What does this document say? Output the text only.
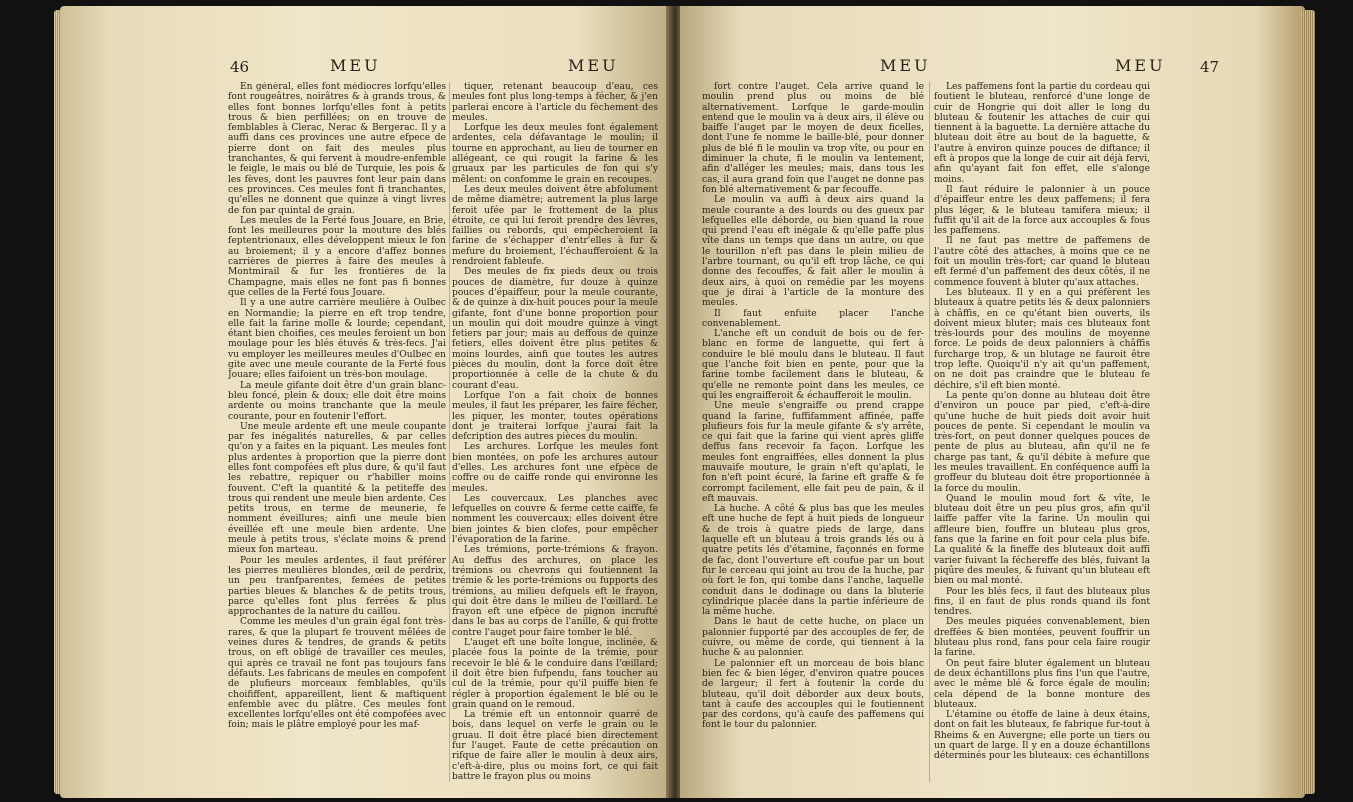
46	MEU	MEU

En général, elles font médiocres lorfqu'elles font rougeâtres, noirâtres & à grands trous, & elles font bonnes lorfqu'elles font à petits trous & bien perfillées; on en trouve de femblables à Clerac, Nerac & Bergerac. Il y a auffi dans ces provinces une autre efpece de pierre dont on fait des meules plus tranchantes, & qui fervent à moudre-enfemble le feigle, le mais ou blé de Turquie, les pois & les fèves, dont les pauvres font leur pain dans ces provinces. Ces meules font fi tranchantes, qu'elles ne donnent que quinze à vingt livres de fon par quintal de grain.

Les meules de la Ferté fous Jouare, en Brie, font les meilleures pour la mouture des blés feptentrionaux, elles développent mieux le fon au broiement; il y a encore d'affez bonnes carrières de pierres à faire des meules à Montmirail & fur les frontières de la Champagne, mais elles ne font pas fi bonnes que celles de la Ferté fous Jouare.

Il y a une autre carrière meulière à Oulbec en Normandie; la pierre en eft trop tendre, elle fait la farine molle & lourde; cependant, étant bien choifies, ces meules feroient un bon moulage pour les blés étuvés & très-fecs. J'ai vu employer les meilleures meules d'Oulbec en gite avec une meule courante de la Ferté fous Jouare; elles faifoient un très-bon moulage.

La meule gifante doit être d'un grain blanc-bleu foncé, plein & doux; elle doit être moins ardente ou moins tranchante que la meule courante, pour en foutenir l'effort.

Une meule ardente eft une meule coupante par fes inégalités naturelles, & par celles qu'on y a faites en la piquant. Les meules font plus ardentes à proportion que la pierre dont elles font compofées eft plus dure, & qu'il faut les rebattre, repiquer ou r'habiller moins fouvent. C'eft la quantité & la petiteffe des trous qui rendent une meule bien ardente. Ces petits trous, en terme de meunerie, fe nomment éveillures; ainfi une meule bien éveillée eft une meule bien ardente. Une meule à petits trous, s'éclate moins & prend mieux fon marteau.

Pour les meules ardentes, il faut préférer les pierres meulières blondes, œil de perdrix, un peu tranfparentes, femées de petites parties bleues & blanches & de petits trous, parce qu'elles font plus ferrées & plus approchantes de la nature du caillou.

Comme les meules d'un grain égal font très-rares, & que la plupart fe trouvent mêlées de veines dures & tendres, de grands & petits trous, on eft obligé de travailler ces meules, qui après ce travail ne font pas toujours fans défauts. Les fabricans de meules en compofent de plufieurs morceaux femblables, qu'ils choififfent, appareillent, lient & maftiquent enfemble avec du plâtre. Ces meules font excellentes lorfqu'elles ont été compofées avec foin; mais le plâtre employé pour les maf-

tiquer, retenant beaucoup d'eau, ces meules font plus long-temps à fécher, & j'en parlerai encore à l'article du fèchement des meules.

Lorfque les deux meules font également ardentes, cela défavantage le moulin; il tourne en approchant, au lieu de tourner en allégeant, ce qui rougit la farine & les gruaux par les particules de fon qui s'y mêlent: on confomme le grain en recoupes.

Les deux meules doivent être abfolument de même diamètre; autrement la plus large feroit ufée par le frottement de la plus étroite, ce qui lui feroit prendre des lèvres, faillies ou rebords, qui empêcheroient la farine de s'échapper d'entr'elles à fur & mefure du broiement, l'échaufferoient & la rendroient fableufe.

Des meules de fix pieds deux ou trois pouces de diamètre, fur douze à quinze pouces d'épaiffeur, pour la meule courante, & de quinze à dix-huit pouces pour la meule gifante, font d'une bonne proportion pour un moulin qui doit moudre quinze à vingt fetiers par jour; mais au deffous de quinze fetiers, elles doivent être plus petites & moins lourdes, ainfi que toutes les autres pièces du moulin, dont la force doit être proportionnée à celle de la chute & du courant d'eau.

Lorfque l'on a fait choix de bonnes meules, il faut les préparer, les faire fécher, les piquer, les monter, toutes opérations dont je traiterai lorfque j'aurai fait la defcription des autres pièces du moulin.

Les archures. Lorfque les meules font bien montées, on pofe les archures autour d'elles. Les archures font une efpèce de coffre ou de caiffe ronde qui environne les meules.

Les couvercaux. Les planches avec lefquelles on couvre & ferme cette caiffe, fe nomment les couvercaux; elles doivent être bien jointes & bien clofes, pour empêcher l'évaporation de la farine.

Les trémions, porte-trémions & frayon. Au deffus des archures, on place les trémions ou chevrons qui foutiennent la trémie & les porte-trémions ou fupports des trémions, au milieu defquels eft le frayon, qui doit être dans le milieu de l'œillard. Le frayon eft une efpèce de pignon incrufté dans le bas au corps de l'anille, & qui frotte contre l'auget pour faire tomber le blé.

L'auget eft une boîte longue, inclinée, & placée fous la pointe de la trémie, pour recevoir le blé & le conduire dans l'œillard; il doit être bien fufpendu, fans toucher au cul de la trémie, pour qu'il puiffe bien fe régler à proportion également le blé ou le grain quand on le remoud.

La trémie eft un entonnoir quarré de bois, dans lequel on verfe le grain ou le gruau. Il doit être placé bien directement fur l'auget. Faute de cette précaution on rifque de faire aller le moulin à deux airs, c'eft-à-dire, plus ou moins fort, ce qui fait battre le frayon plus ou moins

MEU	MEU 47

fort contre l'auget. Cela arrive quand le moulin prend plus ou moins de blé alternativement. Lorfque le garde-moulin entend que le moulin va à deux airs, il élève ou baiffe l'auget par le moyen de deux ficelles, dont l'une fe nomme le baille-blé, pour donner plus de blé fi le moulin va trop vîte, ou pour en diminuer la chute, fi le moulin va lentement, afin d'alléger les meules; mais, dans tous les cas, il aura grand foin que l'auget ne donne pas fon blé alternativement & par fecouffe.

Le moulin va auffi à deux airs quand la meule courante a des lourds ou des gueux par lefquelles elle déborde, ou bien quand la roue qui prend l'eau eft inégale & qu'elle paffe plus vîte dans un temps que dans un autre, ou que le tourillon n'eft pas dans le plein milieu de l'arbre tournant, ou qu'il eft trop lâche, ce qui donne des fecouffes, & fait aller le moulin à deux airs, à quoi on remédie par les moyens que je dirai à l'article de la monture des meules.

Il faut enfuite placer l'anche convenablement.

L'anche eft un conduit de bois ou de fer-blanc en forme de languette, qui fert à conduire le blé moulu dans le bluteau. Il faut que l'anche foit bien en pente, pour que la farine tombe facilement dans le bluteau, & qu'elle ne remonte point dans les meules, ce qui les engraifferoit & échaufferoit le moulin.

Une meule s'engraiffe ou prend crappe quand la farine, fuffifamment affinée, paffe plufieurs fois fur la meule gifante & s'y arrête, ce qui fait que la farine qui vient après gliffe deffus fans recevoir fa façon. Lorfque les meules font engraiffées, elles donnent la plus mauvaife mouture, le grain n'eft qu'aplati, le fon n'eft point écuré, la farine eft graffe & fe corrompt facilement, elle fait peu de pain, & il eft mauvais.

La huche. A côté & plus bas que les meules eft une huche de fept à huit pieds de longueur & de trois à quatre pieds de large, dans laquelle eft un bluteau à trois grands lés ou à quatre petits lés d'étamine, façonnés en forme de fac, dont l'ouverture eft coufue par un bout fur le cerceau qui joint au trou de la huche, par où fort le fon, qui tombe dans l'anche, laquelle conduit dans le dodinage ou dans la bluterie cylindrique placée dans la partie inférieure de la même huche.

Dans le haut de cette huche, on place un palonnier fupporté par des accouples de fer, de cuivre, ou même de corde, qui tiennent à la huche & au palonnier.

Le palonnier eft un morceau de bois blanc bien fec & bien léger, d'environ quatre pouces de largeur; il fert à foutenir la corde du bluteau, qu'il doit déborder aux deux bouts, tant à caufe des accouples qui le foutiennent par des cordons, qu'à caufe des paffemens qui font le tour du palonnier.

Les paffemens font la partie du cordeau qui foutient le bluteau, renforcé d'une longe de cuir de Hongrie qui doit aller le long du bluteau & foutenir les attaches de cuir qui tiennent à la baguette. La dernière attache du bluteau doit être au bout de la baguette, & l'autre à environ quinze pouces de diftance; il eft à propos que la longe de cuir ait déjà fervi, afin qu'ayant fait fon effet, elle s'alonge moins.

Il faut réduire le palonnier à un pouce d'épaiffeur entre les deux paffemens; il fera plus léger, & le bluteau tamifera mieux; il fuffit qu'il ait de la force aux accouples & fous les paffemens.

Il ne faut pas mettre de paffemens de l'autre côté des attaches, à moins que ce ne foit un moulin très-fort; car quand le bluteau eft fermé d'un paffement des deux côtés, il ne commence fouvent à bluter qu'aux attaches.

Les bluteaux. Il y en a qui préfèrent les bluteaux à quatre petits lés & deux palonniers à châffis, en ce qu'étant bien ouverts, ils doivent mieux bluter; mais ces bluteaux font très-lourds pour des moulins de moyenne force. Le poids de deux palonniers à châffis furcharge trop, & un blutage ne fauroit être trop lefte. Quoiqu'il n'y ait qu'un paffement, on ne doit pas craindre que le bluteau fe déchire, s'il eft bien monté.

La pente qu'on donne au bluteau doit être d'environ un pouce par pied, c'eft-à-dire qu'une huche de huit pieds doit avoir huit pouces de pente. Si cependant le moulin va très-fort, on peut donner quelques pouces de pente de plus au bluteau, afin qu'il ne fe charge pas tant, & qu'il débite à mefure que les meules travaillent. En conféquence auffi la groffeur du bluteau doit être proportionnée à la force du moulin.

Quand le moulin moud fort & vîte, le bluteau doit être un peu plus gros, afin qu'il laiffe paffer vîte la farine. Un moulin qui affleure bien, fouffre un bluteau plus gros, fans que la farine en foit pour cela plus bife. La qualité & la fineffe des bluteaux doit auffi varier fuivant la féchereffe des blés, fuivant la piqûre des meules, & fuivant qu'un bluteau eft bien ou mal monté.

Pour les blés fecs, il faut des bluteaux plus fins, il en faut de plus ronds quand ils font tendres.

Des meules piquées convenablement, bien dreffées & bien montées, peuvent fouffrir un bluteau plus rond, fans pour cela faire rougir la farine.

On peut faire bluter également un bluteau de deux échantillons plus fins l'un que l'autre, avec le même blé & force égale de moulin; cela dépend de la bonne monture des bluteaux.

L'étamine ou étoffe de laine à deux étains, dont on fait les bluteaux, fe fabrique fur-tout à Rheims & en Auvergne; elle porte un tiers ou un quart de large. Il y en a douze échantillons déterminés pour les bluteaux: ces échantillons
